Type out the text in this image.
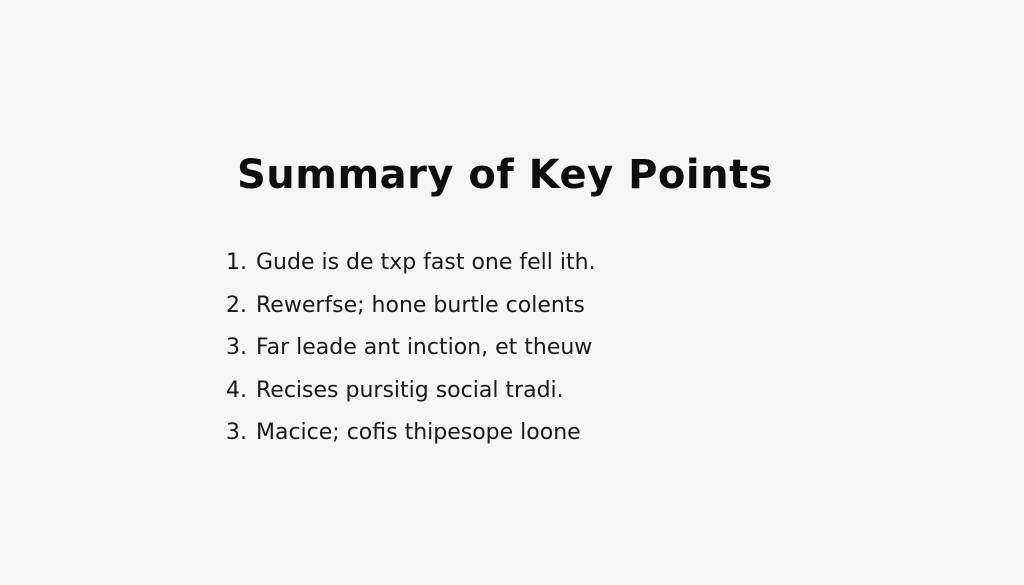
Summary of Key Points
1. Gude is de txp fast one fell ith.
2. Rewerfse; hone burtle colents
3. Far leade ant inction, et theuw
4. Recises pursitig social tradi.
3. Macice; cofis thipesope loone
